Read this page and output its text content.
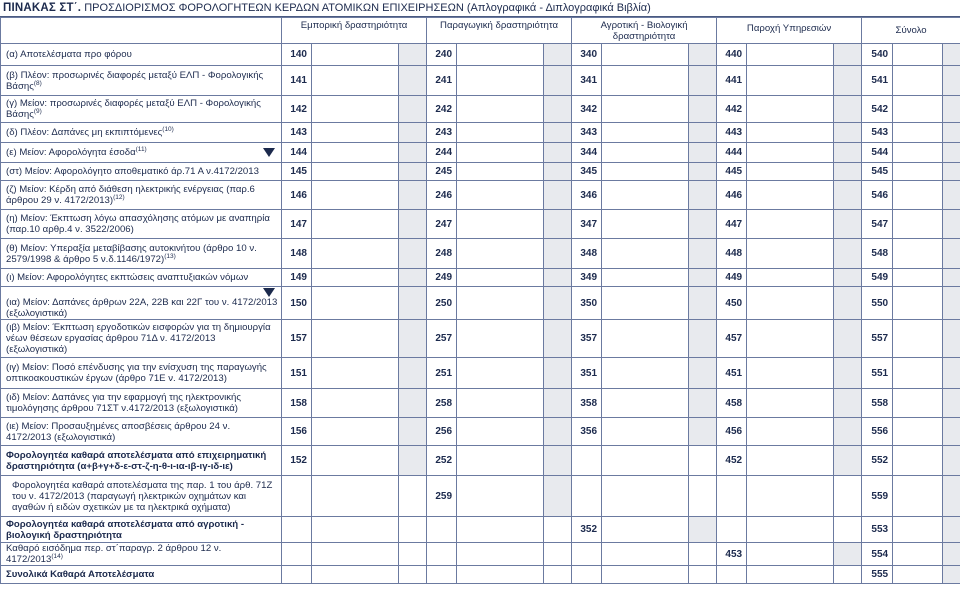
ΠΙΝΑΚΑΣ ΣΤ΄. ΠΡΟΣΔΙΟΡΙΣΜΟΣ ΦΟΡΟΛΟΓΗΤΕΩΝ ΚΕΡΔΩΝ ΑΤΟΜΙΚΩΝ ΕΠΙΧΕΙΡΗΣΕΩΝ (Απλογραφικά - Διπλογραφικά Βιβλία)
	Εμπορική δραστηριότητα			Παραγωγική δραστηριότητα			Αγροτική - Βιολογική δραστηριότητα			Παροχή Υπηρεσιών			Σύνολο		
(α) Αποτελέσματα προ φόρου	140			240			340			440			540		
(β) Πλέον: προσωρινές διαφορές μεταξύ ΕΛΠ - Φορολογικής Βάσης$^{(8)}$	141			241			341			441			541		
(γ) Μείον: προσωρινές διαφορές μεταξύ ΕΛΠ - Φορολογικής Βάσης$^{(9)}$	142			242			342			442			542		
(δ) Πλέον: Δαπάνες μη εκπιπτόμενες$^{(10)}$	143			243			343			443			543		

(ε) Μείον: Αφορολόγητα έσοδα$^{(11)}$	144			244			344			444			544		
(στ) Μείον: Αφορολόγητο αποθεματικό άρ.71 Α ν.4172/2013	145			245			345			445			545		
(ζ) Μείον: Κέρδη από διάθεση ηλεκτρικής ενέργειας (παρ.6 άρθρου 29 ν. 4172/2013)$^{(12)}$	146			246			346			446			546		
(η) Μείον: Έκπτωση λόγω απασχόλησης ατόμων με αναπηρία (παρ.10 αρθρ.4 ν. 3522/2006)	147			247			347			447			547		
(θ) Μείον: Υπεραξία μεταβίβασης αυτοκινήτου (άρθρο 10 ν. 2579/1998 & άρθρο 5 ν.δ.1146/1972)$^{(13)}$	148			248			348			448			548		
(ι) Μείον: Αφορολόγητες εκπτώσεις αναπτυξιακών νόμων	149			249			349			449			549		

(ια) Μείον: Δαπάνες άρθρων 22Α, 22Β και 22Γ του ν. 4172/2013 (εξωλογιστικά)	150			250			350			450			550		
(ιβ) Μείον: Έκπτωση εργοδοτικών εισφορών για τη δημιουργία νέων θέσεων εργασίας άρθρου 71Δ ν. 4172/2013 (εξωλογιστικά)	157			257			357			457			557		
(ιγ) Μείον: Ποσό επένδυσης για την ενίσχυση της παραγωγής οπτικοακουστικών έργων (άρθρο 71Ε ν. 4172/2013)	151			251			351			451			551		
(ιδ) Μείον: Δαπάνες για την εφαρμογή της ηλεκτρονικής τιμολόγησης άρθρου 71ΣΤ ν.4172/2013 (εξωλογιστικά)	158			258			358			458			558		
(ιε) Μείον: Προσαυξημένες αποσβέσεις άρθρου 24 ν. 4172/2013 (εξωλογιστικά)	156			256			356			456			556		
Φορολογητέα καθαρά αποτελέσματα από επιχειρηματική δραστηριότητα (α+β+γ+δ-ε-στ-ζ-η-θ-ι-ια-ιβ-ιγ-ιδ-ιε)	152			252						452			552		
Φορολογητέα καθαρά αποτελέσματα της παρ. 1 του άρθ. 71Ζ του ν. 4172/2013 (παραγωγή ηλεκτρικών οχημάτων και αγαθών ή ειδών σχετικών με τα ηλεκτρικά οχήματα)				259									559		
Φορολογητέα καθαρά αποτελέσματα από αγροτική - βιολογική δραστηριότητα							352						553		
Καθαρό εισόδημα περ. στ΄παραγρ. 2 άρθρου 12 ν. 4172/2013$^{(14)}$										453			554		
Συνολικά Καθαρά Αποτελέσματα													555		
